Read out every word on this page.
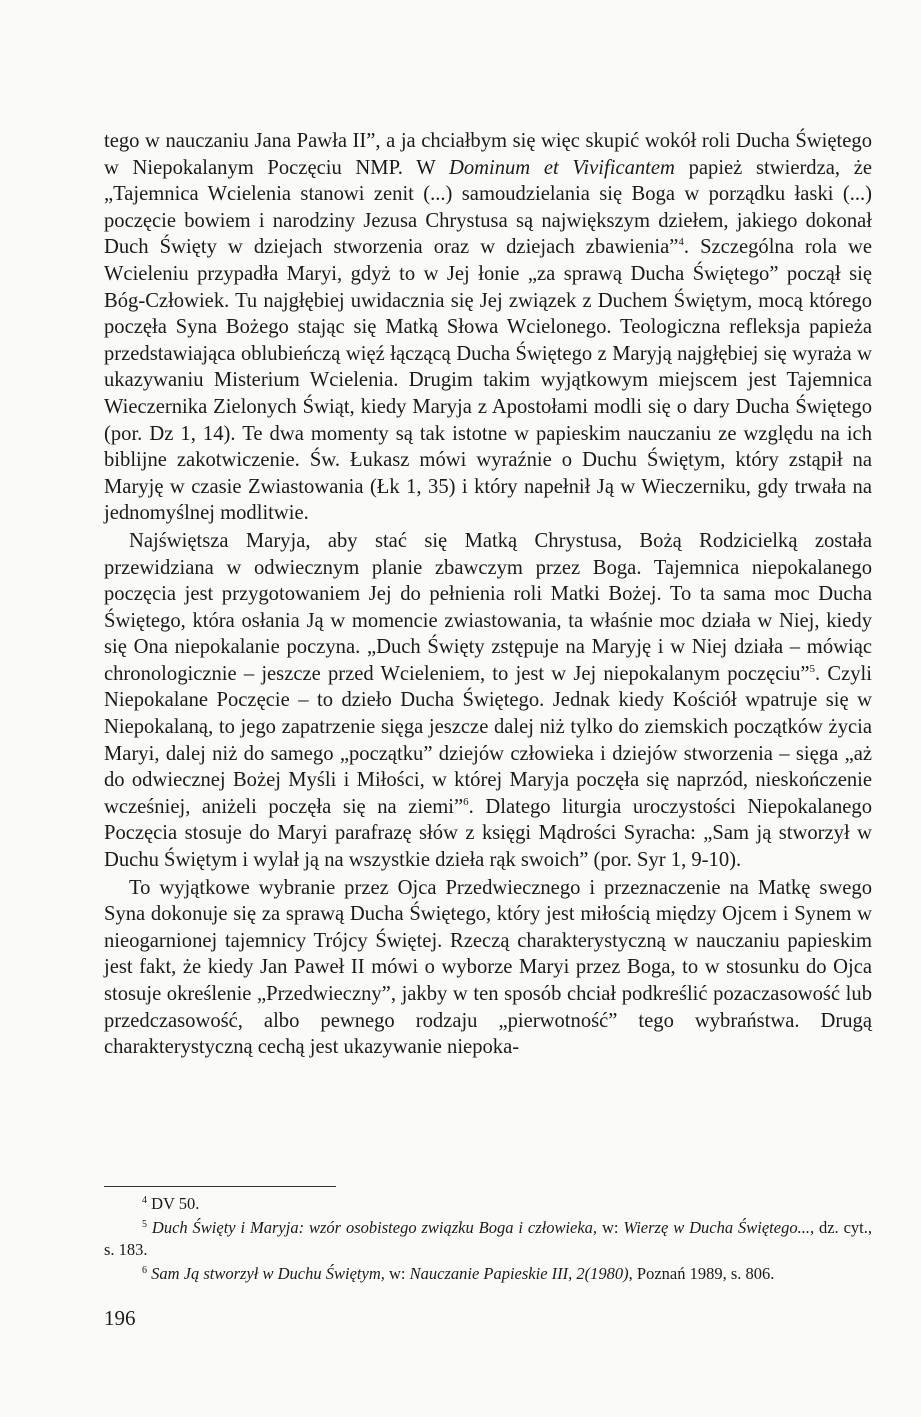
tego w nauczaniu Jana Pawła II”, a ja chciałbym się więc skupić wokół roli Ducha Świętego w Niepokalanym Poczęciu NMP. W Dominum et Vivificantem papież stwierdza, że „Tajemnica Wcielenia stanowi zenit (...) samoudzielania się Boga w porządku łaski (...) poczęcie bowiem i narodziny Jezusa Chrystusa są największym dziełem, jakiego dokonał Duch Święty w dziejach stworzenia oraz w dziejach zbawienia”$^4$. Szczególna rola we Wcieleniu przypadła Maryi, gdyż to w Jej łonie „za sprawą Ducha Świętego” począł się Bóg-Człowiek. Tu najgłębiej uwidacznia się Jej związek z Duchem Świętym, mocą którego poczęła Syna Bożego stając się Matką Słowa Wcielonego. Teologiczna refleksja papieża przedstawiająca oblubieńczą więź łączącą Ducha Świętego z Maryją najgłębiej się wyraża w ukazywaniu Misterium Wcielenia. Drugim takim wyjątkowym miejscem jest Tajemnica Wieczernika Zielonych Świąt, kiedy Maryja z Apostołami modli się o dary Ducha Świętego (por. Dz 1, 14). Te dwa momenty są tak istotne w papieskim nauczaniu ze względu na ich biblijne zakotwiczenie. Św. Łukasz mówi wyraźnie o Duchu Świętym, który zstąpił na Maryję w czasie Zwiastowania (Łk 1, 35) i który napełnił Ją w Wieczerniku, gdy trwała na jednomyślnej modlitwie.

Najświętsza Maryja, aby stać się Matką Chrystusa, Bożą Rodzicielką została przewidziana w odwiecznym planie zbawczym przez Boga. Tajemnica niepokalanego poczęcia jest przygotowaniem Jej do pełnienia roli Matki Bożej. To ta sama moc Ducha Świętego, która osłania Ją w momencie zwiastowania, ta właśnie moc działa w Niej, kiedy się Ona niepokalanie poczyna. „Duch Święty zstępuje na Maryję i w Niej działa – mówiąc chronologicznie – jeszcze przed Wcieleniem, to jest w Jej niepokalanym poczęciu”$^5$. Czyli Niepokalane Poczęcie – to dzieło Ducha Świętego. Jednak kiedy Kościół wpatruje się w Niepokalaną, to jego zapatrzenie sięga jeszcze dalej niż tylko do ziemskich początków życia Maryi, dalej niż do samego „początku” dziejów człowieka i dziejów stworzenia – sięga „aż do odwiecznej Bożej Myśli i Miłości, w której Maryja poczęła się naprzód, nieskończenie wcześniej, aniżeli poczęła się na ziemi”$^6$. Dlatego liturgia uroczystości Niepokalanego Poczęcia stosuje do Maryi parafrazę słów z księgi Mądrości Syracha: „Sam ją stworzył w Duchu Świętym i wylał ją na wszystkie dzieła rąk swoich” (por. Syr 1, 9-10).

To wyjątkowe wybranie przez Ojca Przedwiecznego i przeznaczenie na Matkę swego Syna dokonuje się za sprawą Ducha Świętego, który jest miłością między Ojcem i Synem w nieogarnionej tajemnicy Trójcy Świętej. Rzeczą charakterystyczną w nauczaniu papieskim jest fakt, że kiedy Jan Paweł II mówi o wyborze Maryi przez Boga, to w stosunku do Ojca stosuje określenie „Przedwieczny”, jakby w ten sposób chciał podkreślić pozaczasowość lub przedczasowość, albo pewnego rodzaju „pierwotność” tego wybraństwa. Drugą charakterystyczną cechą jest ukazywanie niepoka-

$^4$ DV 50.

$^5$ Duch Święty i Maryja: wzór osobistego związku Boga i człowieka, w: Wierzę w Ducha Świętego..., dz. cyt., s. 183.

$^6$ Sam Ją stworzył w Duchu Świętym, w: Nauczanie Papieskie III, 2(1980), Poznań 1989, s. 806.

196
